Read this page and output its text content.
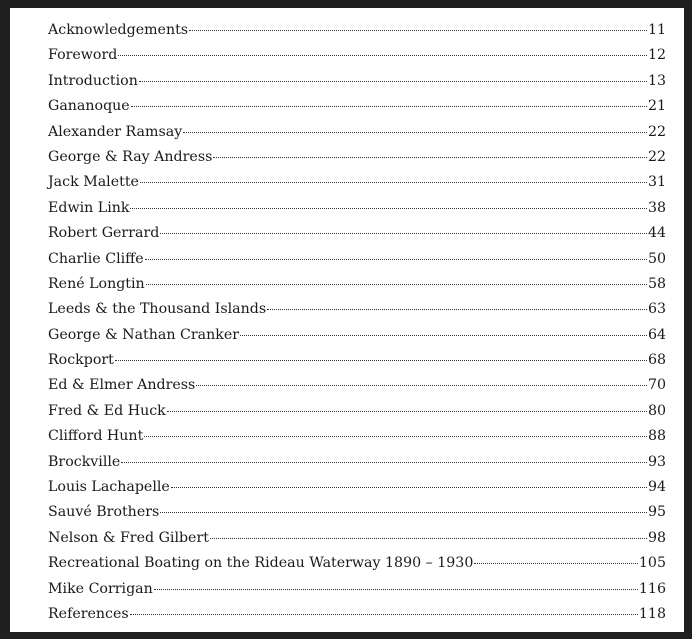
Acknowledgements	11
Foreword	12
Introduction	13
Gananoque	21
Alexander Ramsay	22
George & Ray Andress	22
Jack Malette	31
Edwin Link	38
Robert Gerrard	44
Charlie Cliffe	50
René Longtin	58
Leeds & the Thousand Islands	63
George & Nathan Cranker	64
Rockport	68
Ed & Elmer Andress	70
Fred & Ed Huck	80
Clifford Hunt	88
Brockville	93
Louis Lachapelle	94
Sauvé Brothers	95
Nelson & Fred Gilbert	98
Recreational Boating on the Rideau Waterway 1890 – 1930	105
Mike Corrigan	116
References	118
